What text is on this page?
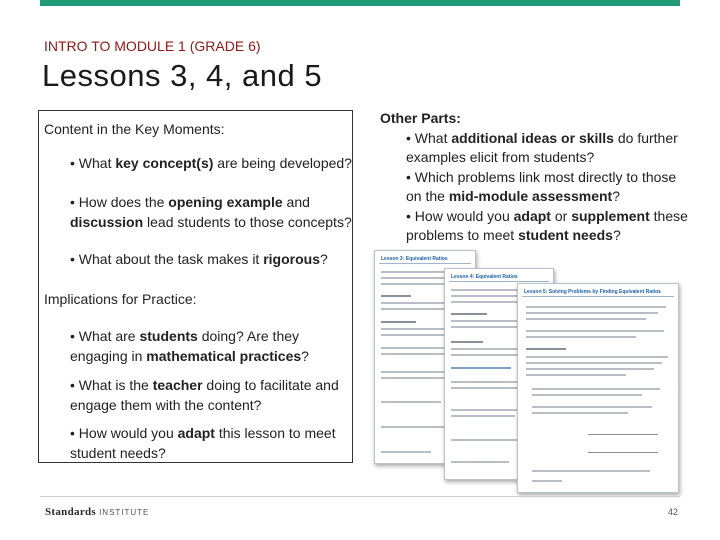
INTRO TO MODULE 1 (GRADE 6)
Lessons 3, 4, and 5
Content in the Key Moments:
• What key concept(s) are being developed?
• How does the opening example and discussion lead students to those concepts?
• What about the task makes it rigorous?
Implications for Practice:
• What are students doing? Are they engaging in mathematical practices?
• What is the teacher doing to facilitate and engage them with the content?
• How would you adapt this lesson to meet student needs?
Other Parts:
• What additional ideas or skills do further examples elicit from students?
• Which problems link most directly to those on the mid-module assessment?
• How would you adapt or supplement these problems to meet student needs?
Lesson 3: Equivalent Ratios
Lesson 4: Equivalent Ratios
Lesson 5: Solving Problems by Finding Equivalent Ratios
Standards INSTITUTE	42
